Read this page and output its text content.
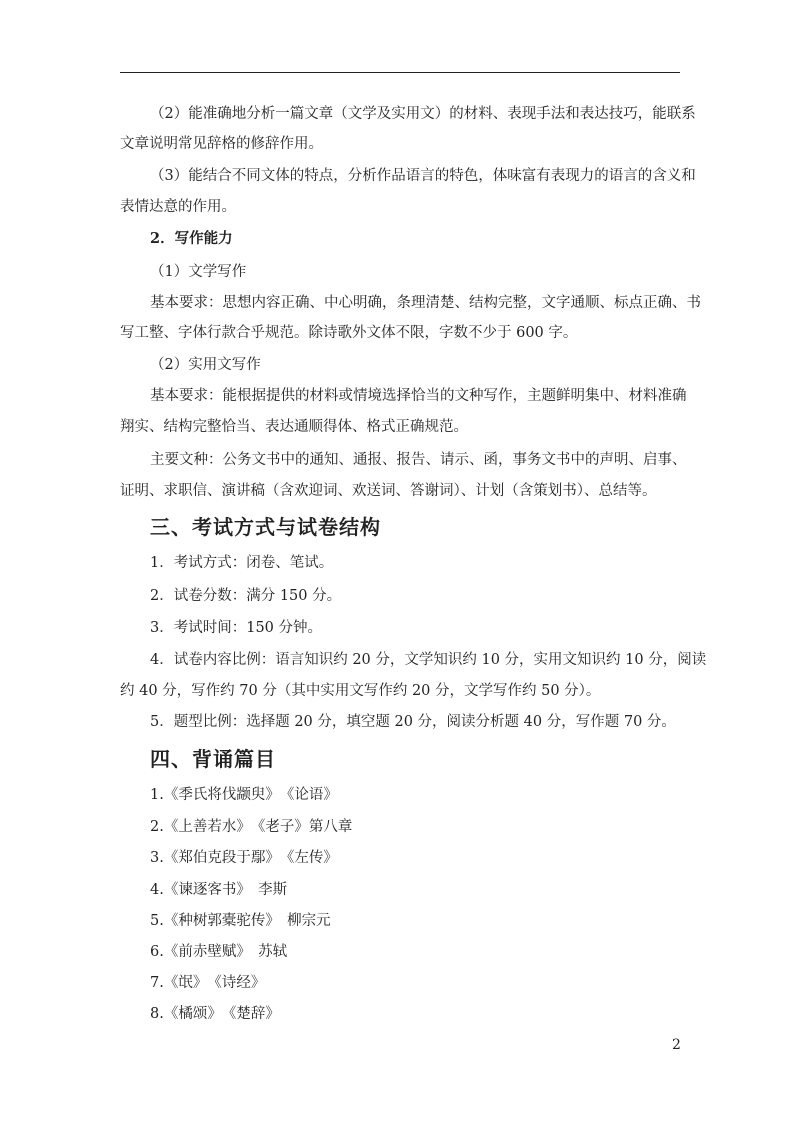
（2）能准确地分析一篇文章（文学及实用文）的材料、表现手法和表达技巧，能联系
文章说明常见辞格的修辞作用。
（3）能结合不同文体的特点，分析作品语言的特色，体味富有表现力的语言的含义和
表情达意的作用。
2．写作能力
（1）文学写作
基本要求：思想内容正确、中心明确，条理清楚、结构完整，文字通顺、标点正确、书
写工整、字体行款合乎规范。除诗歌外文体不限，字数不少于 600 字。
（2）实用文写作
基本要求：能根据提供的材料或情境选择恰当的文种写作，主题鲜明集中、材料准确
翔实、结构完整恰当、表达通顺得体、格式正确规范。
主要文种：公务文书中的通知、通报、报告、请示、函，事务文书中的声明、启事、
证明、求职信、演讲稿（含欢迎词、欢送词、答谢词）、计划（含策划书）、总结等。
三、考试方式与试卷结构
1．考试方式：闭卷、笔试。
2．试卷分数：满分 150 分。
3．考试时间：150 分钟。
4．试卷内容比例：语言知识约 20 分，文学知识约 10 分，实用文知识约 10 分，阅读
约 40 分，写作约 70 分（其中实用文写作约 20 分，文学写作约 50 分）。
5．题型比例：选择题 20 分，填空题 20 分，阅读分析题 40 分，写作题 70 分。
四、背诵篇目
1.《季氏将伐颛臾》　《论语》
2.《上善若水》　《老子》第八章
3.《郑伯克段于鄢》　《左传》
4.《谏逐客书》　李斯
5.《种树郭橐驼传》　柳宗元
6.《前赤壁赋》　苏轼
7.《氓》　《诗经》
8.《橘颂》　《楚辞》
2
